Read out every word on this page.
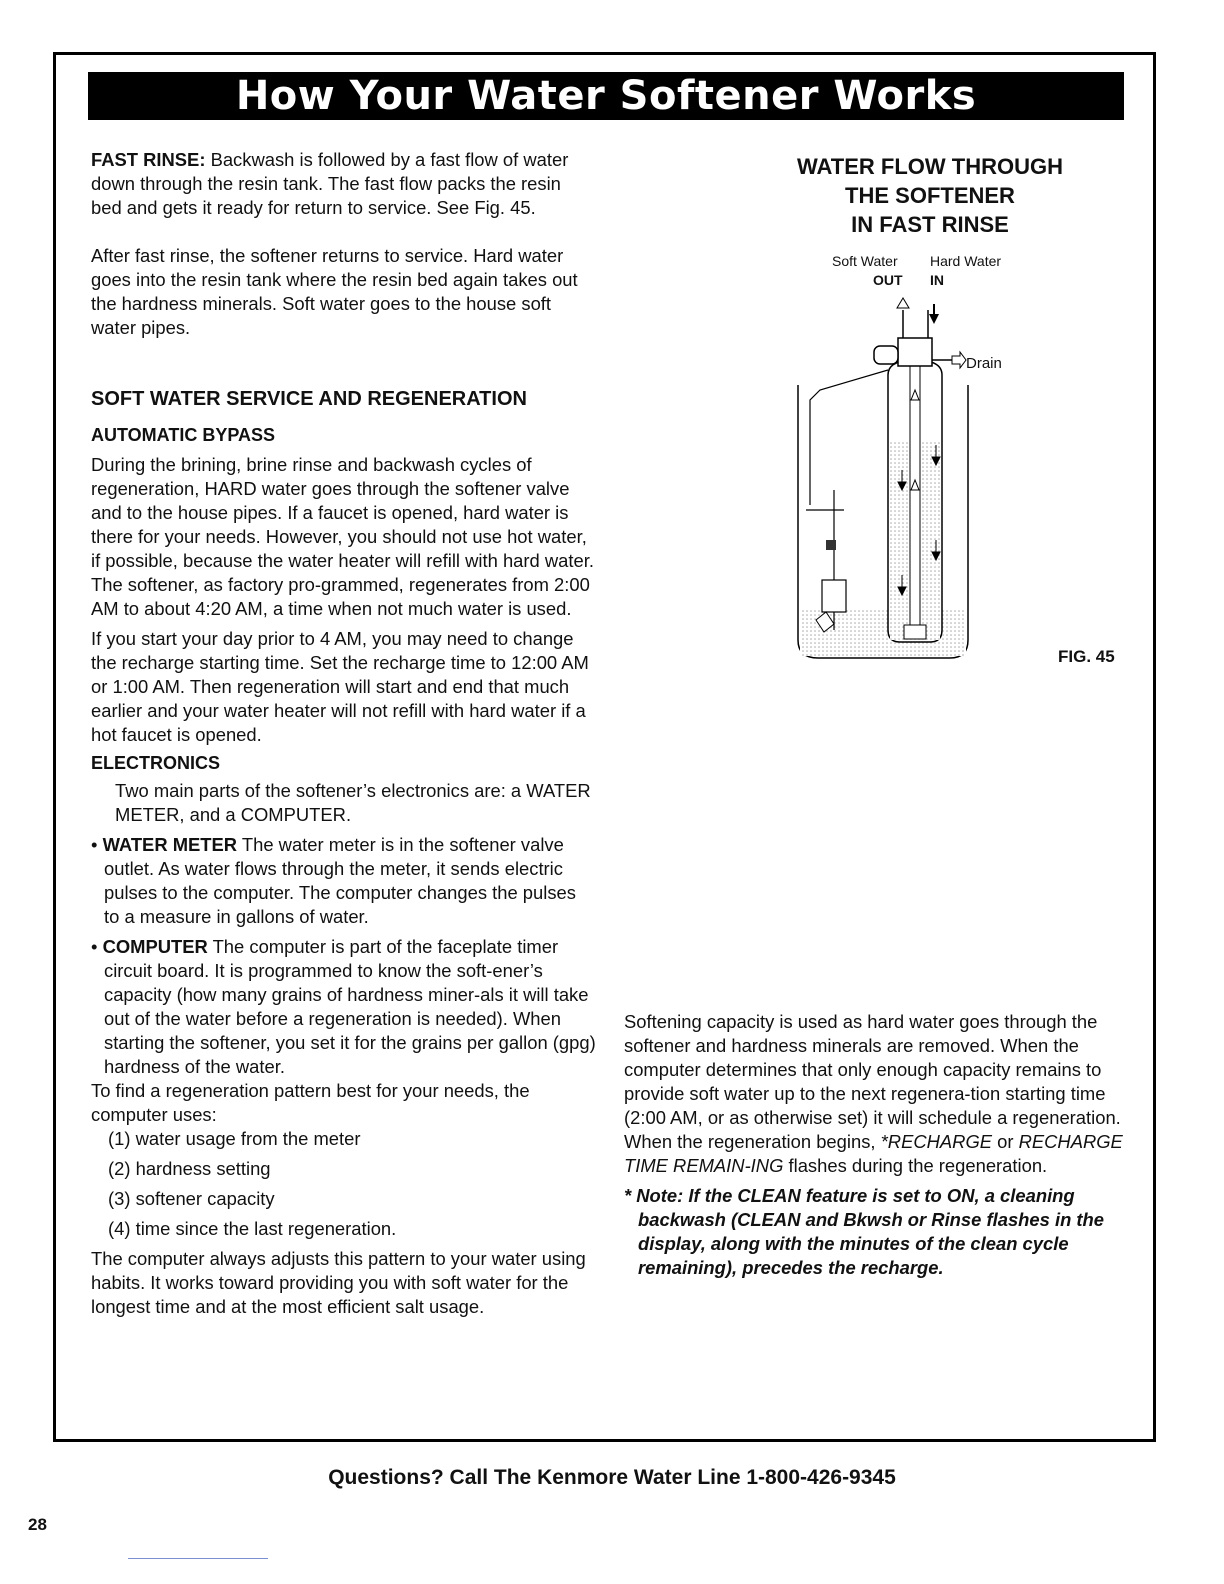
How Your Water Softener Works

FAST RINSE: Backwash is followed by a fast flow of water down through the resin tank. The fast flow packs the resin bed and gets it ready for return to service. See Fig. 45.

After fast rinse, the softener returns to service. Hard water goes into the resin tank where the resin bed again takes out the hardness minerals. Soft water goes to the house soft water pipes.

SOFT WATER SERVICE AND REGENERATION

AUTOMATIC BYPASS

During the brining, brine rinse and backwash cycles of regeneration, HARD water goes through the softener valve and to the house pipes. If a faucet is opened, hard water is there for your needs. However, you should not use hot water, if possible, because the water heater will refill with hard water. The softener, as factory pro-grammed, regenerates from 2:00 AM to about 4:20 AM, a time when not much water is used.

If you start your day prior to 4 AM, you may need to change the recharge starting time. Set the recharge time to 12:00 AM or 1:00 AM. Then regeneration will start and end that much earlier and your water heater will not refill with hard water if a hot faucet is opened.

ELECTRONICS

Two main parts of the softener’s electronics are: a WATER METER, and a COMPUTER.

• WATER METER The water meter is in the softener valve outlet. As water flows through the meter, it sends electric pulses to the computer. The computer changes the pulses to a measure in gallons of water.

• COMPUTER The computer is part of the faceplate timer circuit board. It is programmed to know the soft-ener’s capacity (how many grains of hardness miner-als it will take out of the water before a regeneration is needed). When starting the softener, you set it for the grains per gallon (gpg) hardness of the water.

To find a regeneration pattern best for your needs, the computer uses:

(1) water usage from the meter

(2) hardness setting

(3) softener capacity

(4) time since the last regeneration.

The computer always adjusts this pattern to your water using habits. It works toward providing you with soft water for the longest time and at the most efficient salt usage.

WATER FLOW THROUGH
THE SOFTENER
IN FAST RINSE
Soft Water
OUT
Hard Water
IN
Drain
FIG. 45

Softening capacity is used as hard water goes through the softener and hardness minerals are removed. When the computer determines that only enough capacity remains to provide soft water up to the next regenera-tion starting time (2:00 AM, or as otherwise set) it will schedule a regeneration. When the regeneration begins, *RECHARGE or RECHARGE TIME REMAIN-ING flashes during the regeneration.

* Note: If the CLEAN feature is set to ON, a cleaning backwash (CLEAN and Bkwsh or Rinse flashes in the display, along with the minutes of the clean cycle remaining), precedes the recharge.

Questions? Call The Kenmore Water Line 1-800-426-9345
28
